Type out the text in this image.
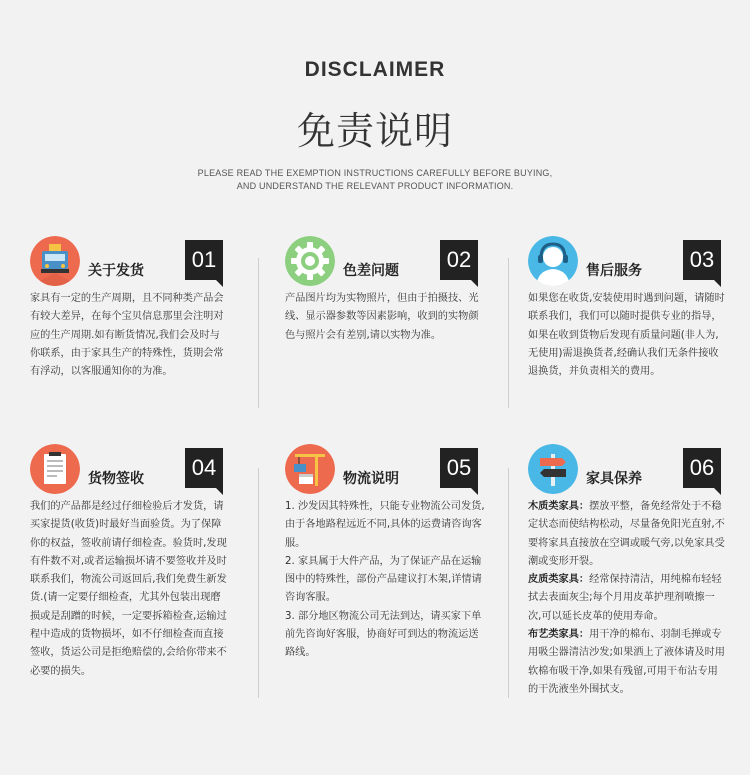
DISCLAIMER
免责说明
PLEASE READ THE EXEMPTION INSTRUCTIONS CAREFULLY BEFORE BUYING,
AND UNDERSTAND THE RELEVANT PRODUCT INFORMATION.
关于发货	01
家具有一定的生产周期，且不同种类产品会有较大差异，在每个宝贝信息那里会注明对应的生产周期.如有断货情况,我们会及时与你联系，由于家具生产的特殊性，货期会常有浮动，以客服通知你的为准。
色差问题	02
产品图片均为实物照片，但由于拍摄技、光线、显示器参数等因素影响，收到的实物颜色与照片会有差别,请以实物为准。
售后服务	03
如果您在收货,安装使用时遇到问题，请随时联系我们，我们可以随时提供专业的指导，如果在收到货物后发现有质量问题(非人为,无使用)需退换货者,经确认我们无条件接收退换货，并负责相关的费用。
货物签收	04
我们的产品都是经过仔细检验后才发货，请买家提货(收货)时最好当面验货。为了保障你的权益，签收前请仔细检查。验货时,发现有件数不对,或者运输损坏请不要签收并及时联系我们，物流公司返回后,我们免费生新发货.(请一定要仔细检查，尤其外包装出现磨损或是刮蹭的时候，一定要拆箱检查,运输过程中造成的货物损坏，如不仔细检查而直接签收，货运公司是拒绝赔偿的,会给你带来不必要的损失。
物流说明	05

1. 沙发因其特殊性，只能专业物流公司发货,由于各地路程远近不同,具体的运费请咨询客服。

2. 家具属于大件产品，为了保证产品在运输图中的特殊性，部份产品建议打木架,详情请咨询客服。

3. 部分地区物流公司无法到达，请买家下单前先咨询好客服，协商好可到达的物流运送路线。

家具保养	06

木质类家具：摆放平整，备免经常处于不稳定状态而使结构松动，尽量备免阳光直射,不要将家具直接放在空调或暖气旁,以免家具受潮或变形开裂。

皮质类家具：经常保持清洁，用纯棉布轻轻拭去表面灰尘;每个月用皮革护理剂喷擦一次,可以延长皮革的使用寿命。

布艺类家具：用干净的棉布、羽制毛掸或专用吸尘器清洁沙发;如果洒上了液体请及时用软棉布吸干净,如果有残留,可用干布沾专用的干洗液坐外围拭支。
